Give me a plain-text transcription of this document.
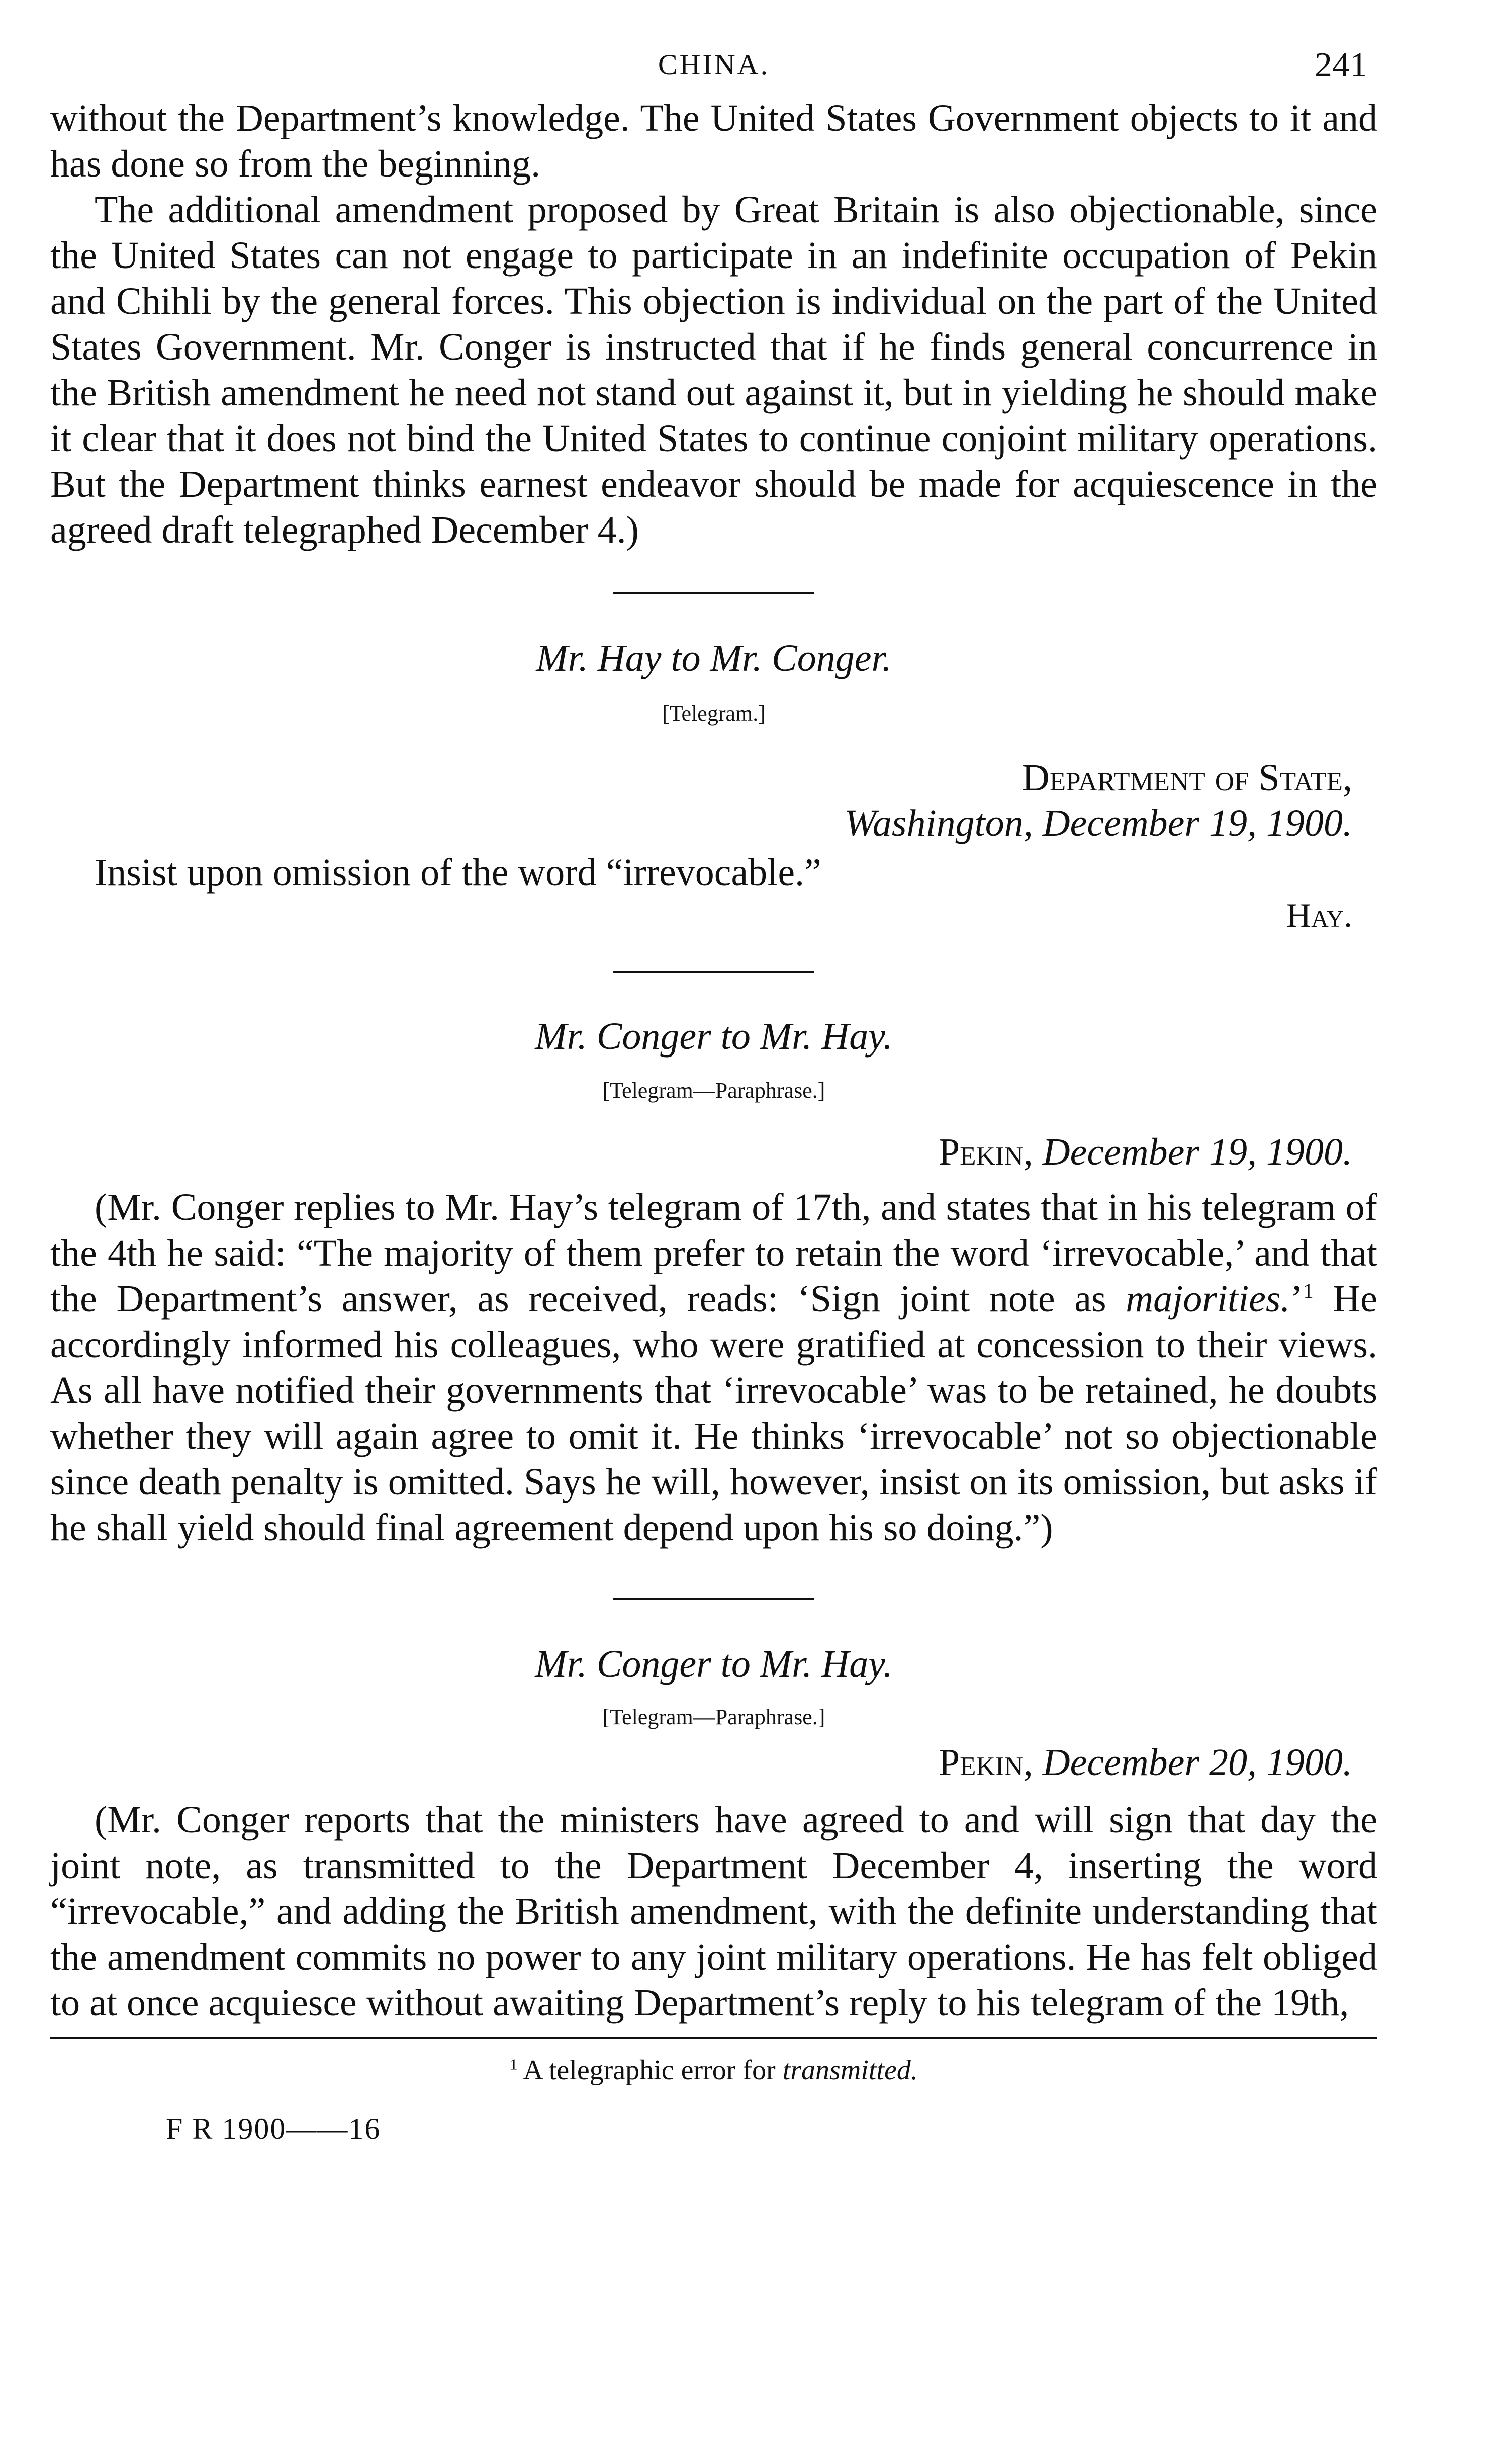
CHINA.	241

without the Department’s knowledge. The United States Government objects to it and has done so from the beginning.

The additional amendment proposed by Great Britain is also objectionable, since the United States can not engage to participate in an indefinite occupation of Pekin and Chihli by the general forces. This objection is individual on the part of the United States Government. Mr. Conger is instructed that if he finds general concurrence in the British amendment he need not stand out against it, but in yielding he should make it clear that it does not bind the United States to continue conjoint military operations. But the Department thinks earnest endeavor should be made for acquiescence in the agreed draft telegraphed December 4.)

Mr. Hay to Mr. Conger.
[Telegram.]
Department of State,
Washington, December 19, 1900.

Insist upon omission of the word “irrevocable.”

Hay.
Mr. Conger to Mr. Hay.
[Telegram—Paraphrase.]
Pekin, December 19, 1900.

(Mr. Conger replies to Mr. Hay’s telegram of 17th, and states that in his telegram of the 4th he said: “The majority of them prefer to retain the word ‘irrevocable,’ and that the Department’s answer, as received, reads: ‘Sign joint note as majorities.’$^1$ He accordingly informed his colleagues, who were gratified at concession to their views. As all have notified their governments that ‘irrevocable’ was to be retained, he doubts whether they will again agree to omit it. He thinks ‘irrevocable’ not so objectionable since death penalty is omitted. Says he will, however, insist on its omission, but asks if he shall yield should final agreement depend upon his so doing.”)

Mr. Conger to Mr. Hay.
[Telegram—Paraphrase.]
Pekin, December 20, 1900.

(Mr. Conger reports that the ministers have agreed to and will sign that day the joint note, as transmitted to the Department December 4, inserting the word “irrevocable,” and adding the British amendment, with the definite understanding that the amendment commits no power to any joint military operations. He has felt obliged to at once acquiesce without awaiting Department’s reply to his telegram of the 19th,

$^1$ A telegraphic error for transmitted.
F R 1900——16
